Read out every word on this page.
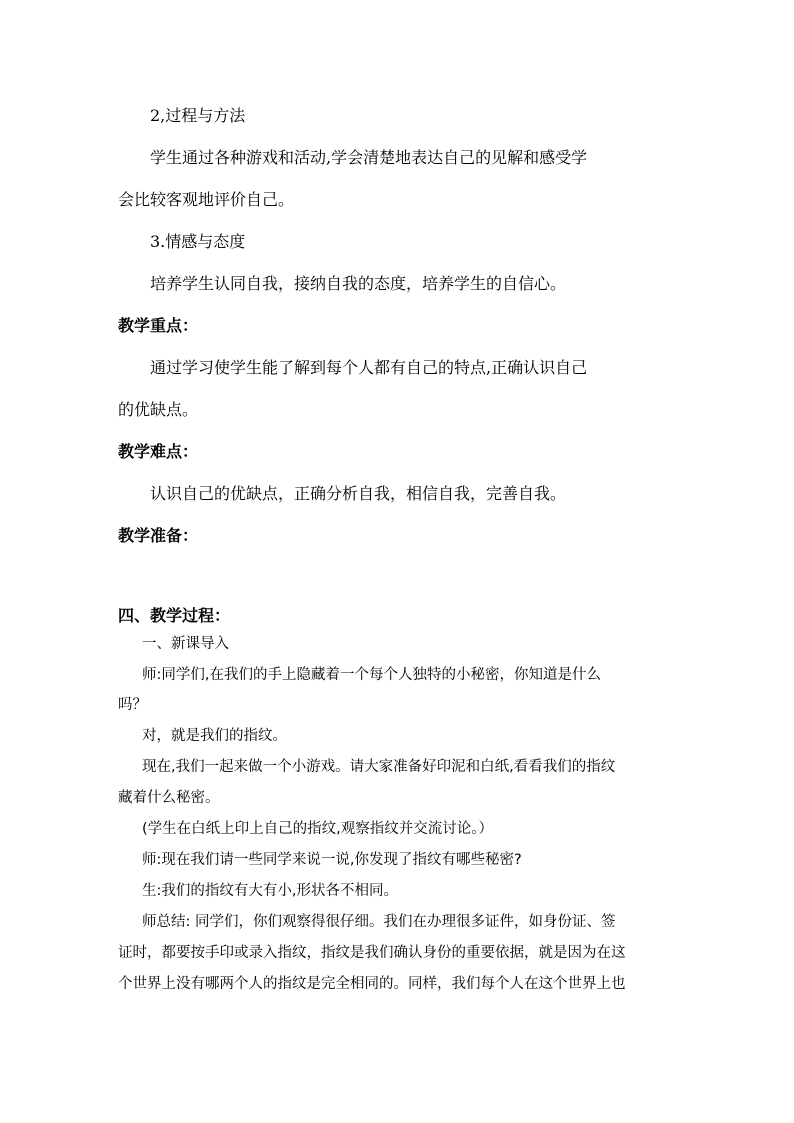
2,过程与方法
学生通过各种游戏和活动,学会清楚地表达自己的见解和感受学
会比较客观地评价自己。
3.情感与态度
培养学生认同自我，接纳自我的态度，培养学生的自信心。
教学重点：
通过学习使学生能了解到每个人都有自己的特点,正确认识自己
的优缺点。
教学难点：
认识自己的优缺点，正确分析自我，相信自我，完善自我。
教学准备：
四、教学过程：
一、新课导入
师:同学们,在我们的手上隐藏着一个每个人独特的小秘密，你知道是什么
吗？
对，就是我们的指纹。
现在,我们一起来做一个小游戏。请大家准备好印泥和白纸,看看我们的指纹
藏着什么秘密。
(学生在白纸上印上自己的指纹,观察指纹并交流讨论。）
师:现在我们请一些同学来说一说,你发现了指纹有哪些秘密?
生:我们的指纹有大有小,形状各不相同。
师总结: 同学们，你们观察得很仔细。我们在办理很多证件，如身份证、签
证时，都要按手印或录入指纹，指纹是我们确认身份的重要依据，就是因为在这
个世界上没有哪两个人的指纹是完全相同的。同样，我们每个人在这个世界上也
